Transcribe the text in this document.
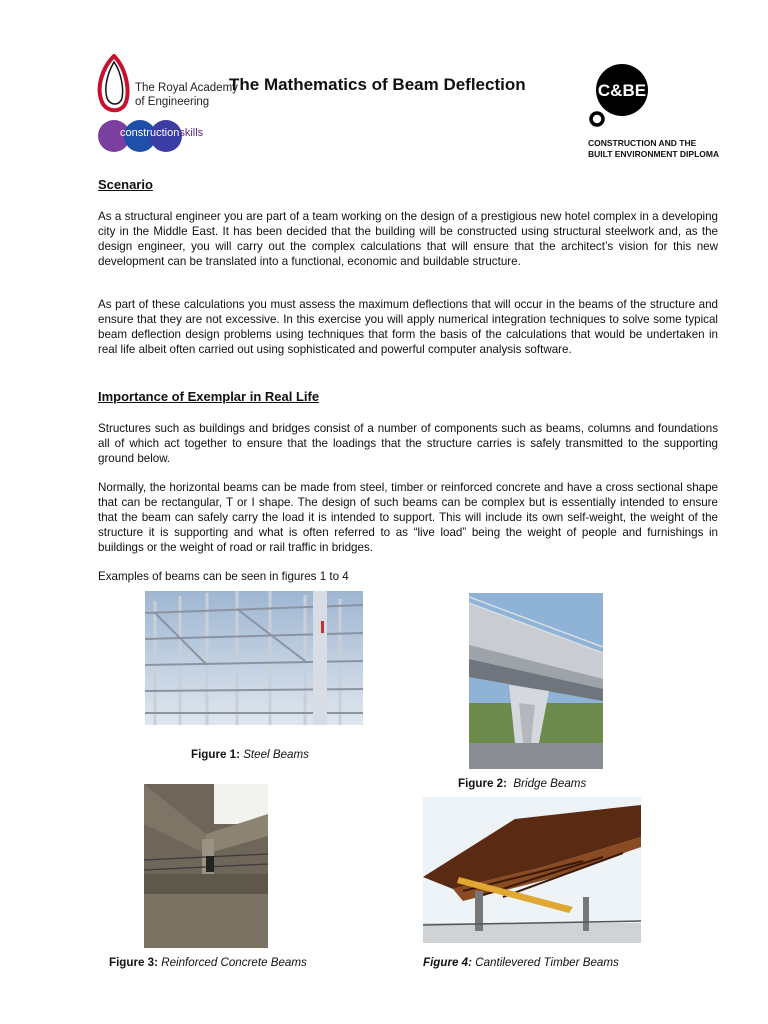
The Royal Academy
of Engineering
The Mathematics of Beam Deflection
constructionskills
C&BE
CONSTRUCTION AND THE
BUILT ENVIRONMENT DIPLOMA
Scenario

As a structural engineer you are part of a team working on the design of a prestigious new hotel complex in a developing city in the Middle East. It has been decided that the building will be constructed using structural steelwork and, as the design engineer, you will carry out the complex calculations that will ensure that the architect’s vision for this new development can be translated into a functional, economic and buildable structure.

As part of these calculations you must assess the maximum deflections that will occur in the beams of the structure and ensure that they are not excessive. In this exercise you will apply numerical integration techniques to solve some typical beam deflection design problems using techniques that form the basis of the calculations that would be undertaken in real life albeit often carried out using sophisticated and powerful computer analysis software.

Importance of Exemplar in Real Life

Structures such as buildings and bridges consist of a number of components such as beams, columns and foundations all of which act together to ensure that the loadings that the structure carries is safely transmitted to the supporting ground below.

Normally, the horizontal beams can be made from steel, timber or reinforced concrete and have a cross sectional shape that can be rectangular, T or I shape. The design of such beams can be complex but is essentially intended to ensure that the beam can safely carry the load it is intended to support. This will include its own self-weight, the weight of the structure it is supporting and what is often referred to as “live load” being the weight of people and furnishings in buildings or the weight of road or rail traffic in bridges.

Examples of beams can be seen in figures 1 to 4
Figure 1: Steel Beams
Figure 2: Bridge Beams
Figure 3: Reinforced Concrete Beams	Figure 4: Cantilevered Timber Beams
